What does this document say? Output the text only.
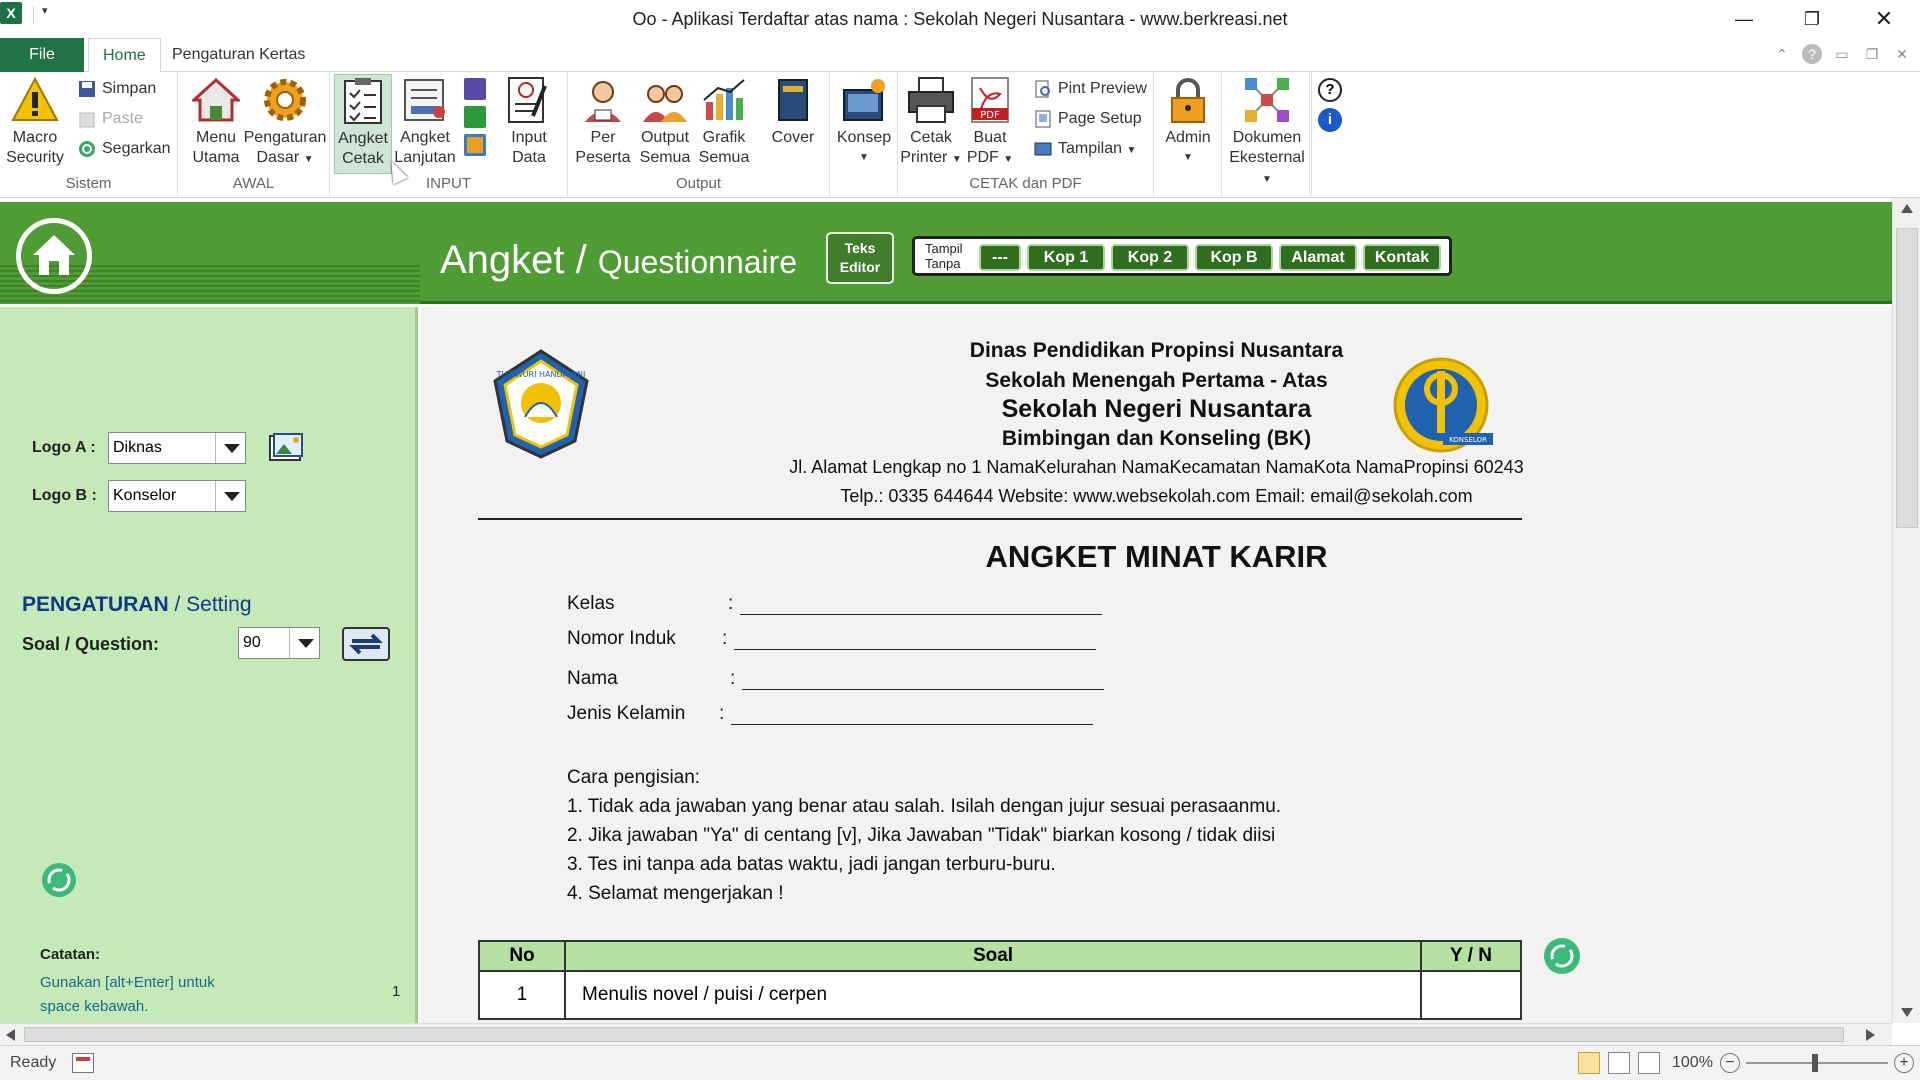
X	▾	Oo - Aplikasi Terdaftar atas nama : Sekolah Negeri Nusantara - www.berkreasi.net	—	❐	✕
File	Home	Pengaturan Kertas	⌃	?	▭ ❐ ✕
Macro
Security
Simpan
Paste
Segarkan
Sistem
Menu
Utama
Pengaturan
Dasar ▼
AWAL
Angket
Cetak
Angket
Lanjutan
Input
Data
INPUT
Per
Peserta
Output
Semua
Grafik
Semua
Cover
Output
Konsep
▼
Cetak
Printer ▼
PDF
Buat
PDF ▼
Pint Preview
Page Setup
Tampilan ▼
CETAK dan PDF
Admin
▼
Dokumen
Ekesternal ▼
?
i
Angket / Questionnaire	Teks
Editor
Tampil
Tanpa	---	Kop 1	Kop 2	Kop B	Alamat	Kontak
Logo A :	Diknas
Logo B :	Konselor
PENGATURAN / Setting
Soal / Question:	90
Catatan:
Gunakan [alt+Enter] untuk
space kebawah.
1
TUT WURI HANDAYANI
KONSELOR
Dinas Pendidikan Propinsi Nusantara
Sekolah Menengah Pertama - Atas
Sekolah Negeri Nusantara
Bimbingan dan Konseling (BK)
Jl. Alamat Lengkap no 1 NamaKelurahan NamaKecamatan NamaKota NamaPropinsi 60243
Telp.: 0335 644644 Website: www.websekolah.com Email: email@sekolah.com
ANGKET MINAT KARIR
Kelas	:
Nomor Induk :
Nama	:
Jenis Kelamin :
Cara pengisian:
1. Tidak ada jawaban yang benar atau salah. Isilah dengan jujur sesuai perasaanmu.
2. Jika jawaban "Ya" di centang [v], Jika Jawaban "Tidak" biarkan kosong / tidak diisi
3. Tes ini tanpa ada batas waktu, jadi jangan terburu-buru.
4. Selamat mengerjakan !
No	Soal	Y / N
1	Menulis novel / puisi / cerpen	
Ready	100% −	+
